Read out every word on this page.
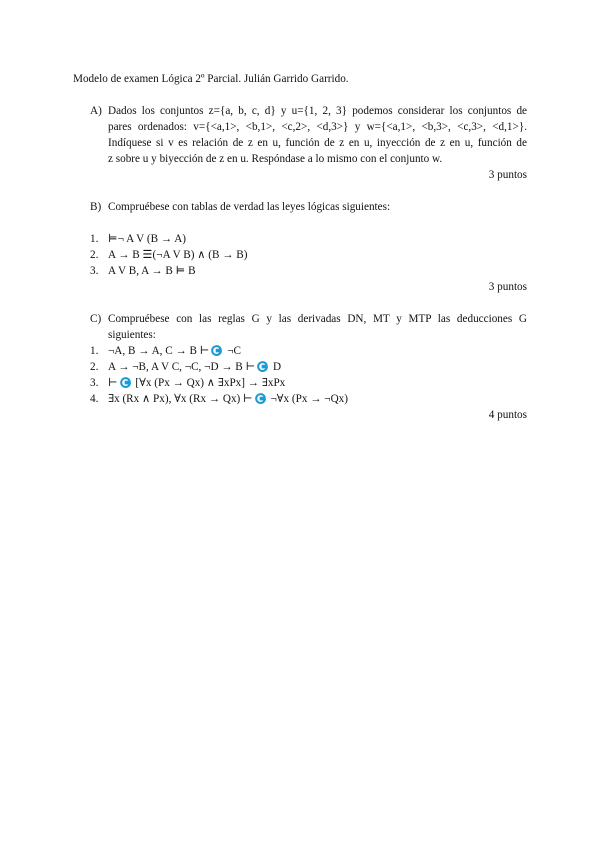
Modelo de examen Lógica 2º Parcial. Julián Garrido Garrido.
A) Dados los conjuntos z={a, b, c, d} y u={1, 2, 3} podemos considerar los conjuntos de
pares ordenados: v={<a,1>, <b,1>, <c,2>, <d,3>} y w={<a,1>, <b,3>, <c,3>, <d,1>}.
Indíquese si v es relación de z en u, función de z en u, inyección de z en u, función de
z sobre u y biyección de z en u. Respóndase a lo mismo con el conjunto w.
3 puntos
B) Compruébese con tablas de verdad las leyes lógicas siguientes:
1. ⊨¬ A V (B → A)
2. A → B ☰(¬A V B) ∧ (B → B)
3. A V B, A → B ⊨ B
3 puntos
C) Compruébese con las reglas G y las derivadas DN, MT y MTP las deducciones G
siguientes:
1. ¬A, B → A, C → B ⊢ ¬C
2. A → ¬B, A V C, ¬C, ¬D → B ⊢ D
3. ⊢ [∀x (Px → Qx) ∧ ∃xPx] → ∃xPx
4. ∃x (Rx ∧ Px), ∀x (Rx → Qx) ⊢ ¬∀x (Px → ¬Qx)
4 puntos
